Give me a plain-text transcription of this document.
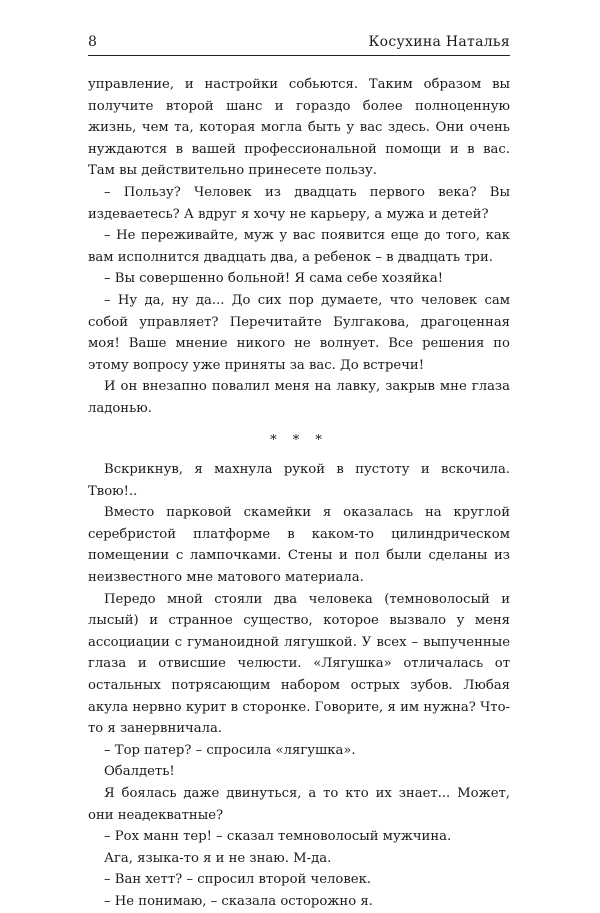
8	Косухина Наталья

управление, и настройки собьются. Таким образом вы получите второй шанс и гораздо более полноценную жизнь, чем та, которая могла быть у вас здесь. Они очень нуждаются в вашей профессиональной помощи и в вас. Там вы действительно принесете пользу.

– Пользу? Человек из двадцать первого века? Вы издеваетесь? А вдруг я хочу не карьеру, а мужа и детей?

– Не переживайте, муж у вас появится еще до того, как вам исполнится двадцать два, а ребенок – в двадцать три.

– Вы совершенно больной! Я сама себе хозяйка!

– Ну да, ну да... До сих пор думаете, что человек сам собой управляет? Перечитайте Булгакова, драгоценная моя! Ваше мнение никого не волнует. Все решения по этому вопросу уже приняты за вас. До встречи!

И он внезапно повалил меня на лавку, закрыв мне глаза ладонью.

* * *

Вскрикнув, я махнула рукой в пустоту и вскочила. Твою!..

Вместо парковой скамейки я оказалась на круглой серебристой платформе в каком-то цилиндрическом помещении с лампочками. Стены и пол были сделаны из неизвестного мне матового материала.

Передо мной стояли два человека (темноволосый и лысый) и странное существо, которое вызвало у меня ассоциации с гуманоидной лягушкой. У всех – выпученные глаза и отвисшие челюсти. «Лягушка» отличалась от остальных потрясающим набором острых зубов. Любая акула нервно курит в сторонке. Говорите, я им нужна? Что-то я занервничала.

– Тор патер? – спросила «лягушка».

Обалдеть!

Я боялась даже двинуться, а то кто их знает... Может, они неадекватные?

– Рох манн тер! – сказал темноволосый мужчина.

Ага, языка-то я и не знаю. М-да.

– Ван хетт? – спросил второй человек.

– Не понимаю, – сказала осторожно я.
